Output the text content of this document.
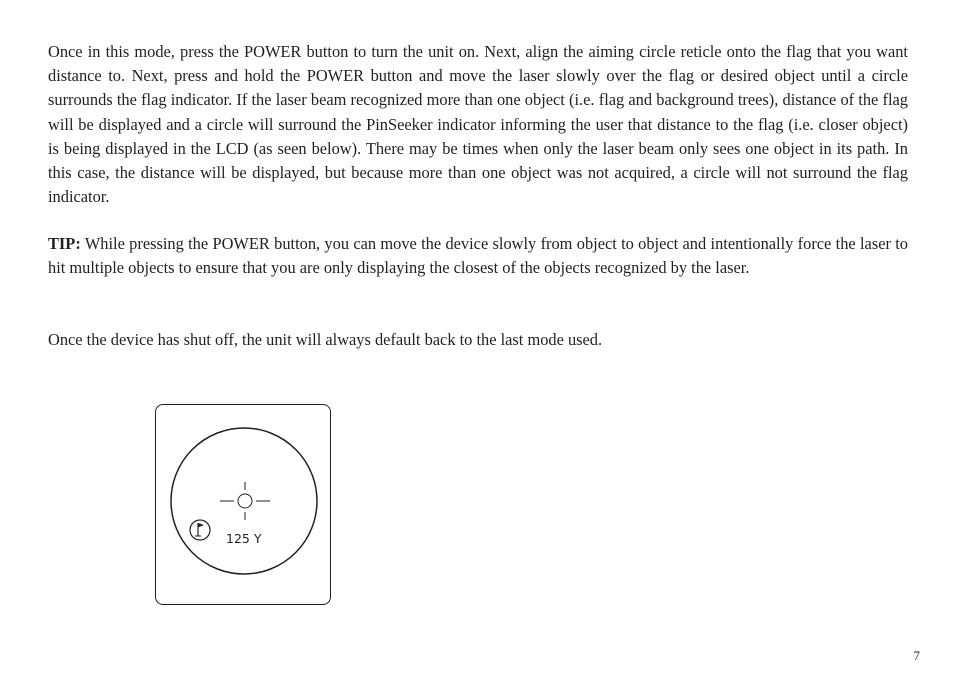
Once in this mode, press the POWER button to turn the unit on. Next, align the aiming circle reticle onto the flag that you want distance to. Next, press and hold the POWER button and move the laser slowly over the flag or desired object until a circle surrounds the flag indicator. If the laser beam recognized more than one object (i.e. flag and background trees), distance of the flag will be displayed and a circle will surround the PinSeeker indicator informing the user that distance to the flag (i.e. closer object) is being displayed in the LCD (as seen below). There may be times when only the laser beam only sees one object in its path. In this case, the distance will be displayed, but because more than one object was not acquired, a circle will not surround the flag indicator.

TIP: While pressing the POWER button, you can move the device slowly from object to object and intentionally force the laser to hit multiple objects to ensure that you are only displaying the closest of the objects recognized by the laser.

Once the device has shut off, the unit will always default back to the last mode used.

125 Y
7
